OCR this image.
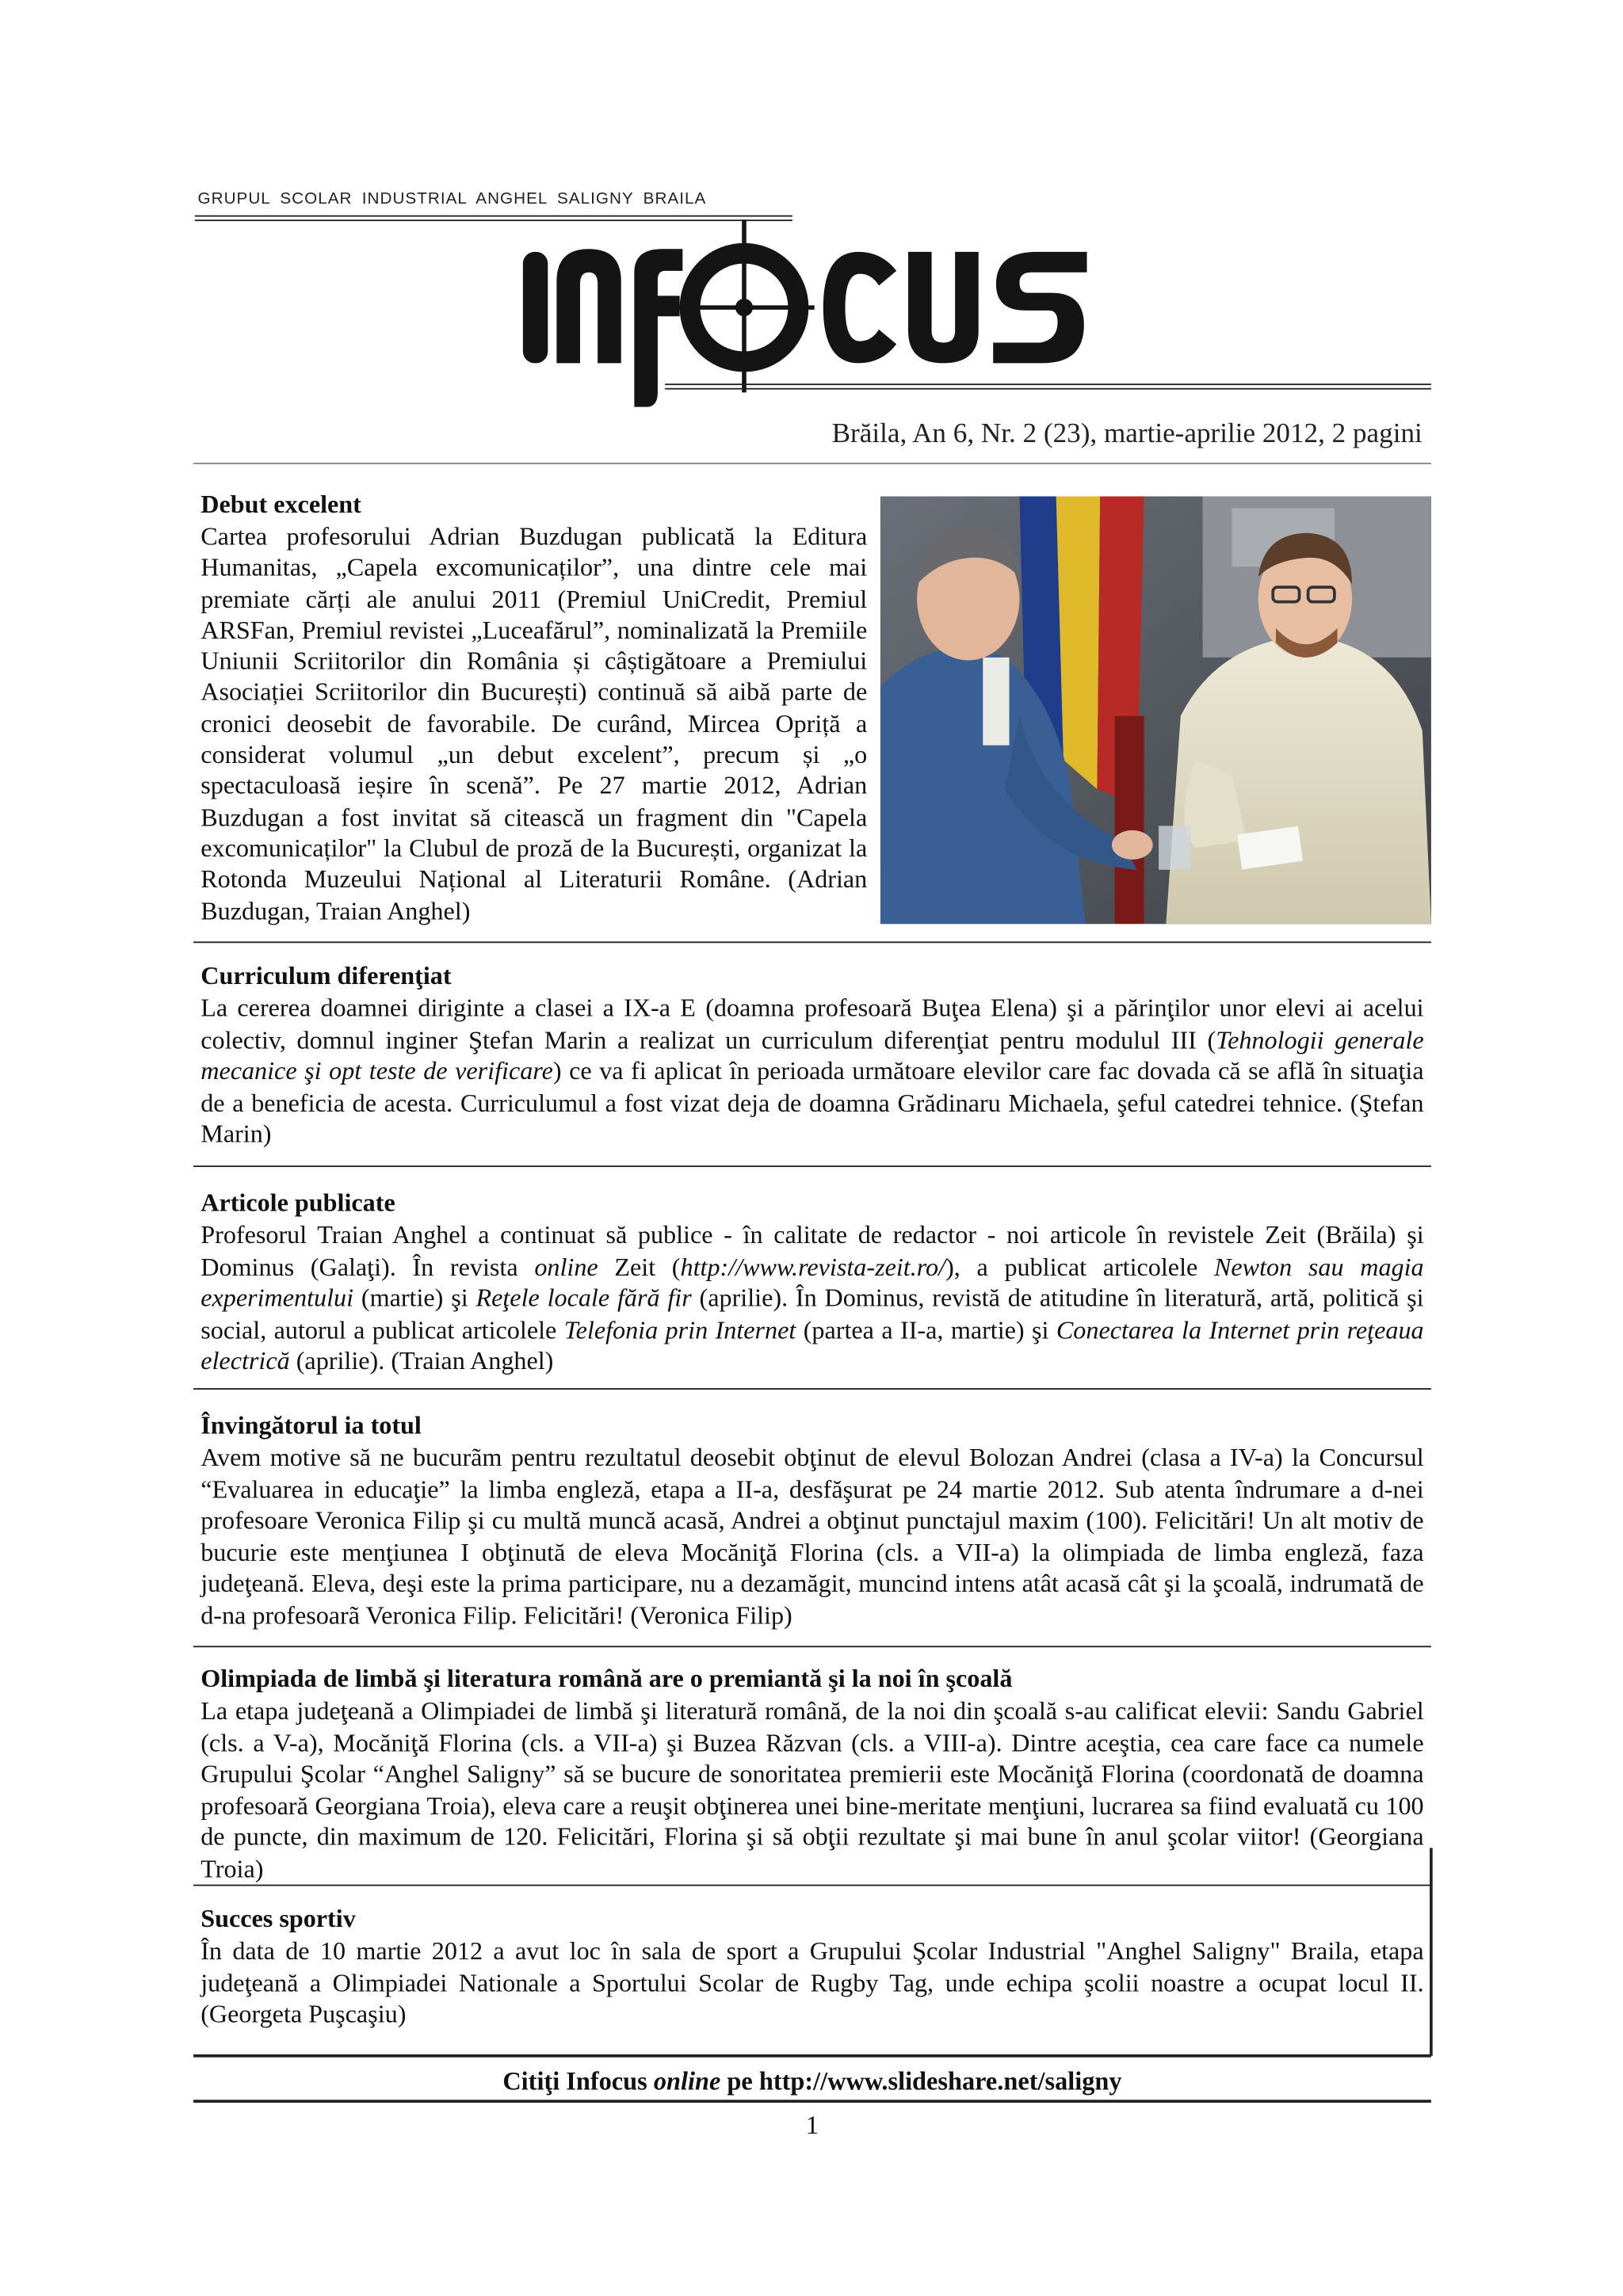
GRUPUL SCOLAR INDUSTRIAL ANGHEL SALIGNY BRAILA
Brăila, An 6, Nr. 2 (23), martie-aprilie 2012, 2 pagini
Debut excelent

Cartea profesorului Adrian Buzdugan publicată la Editura Humanitas, „Capela excomunicaților”, una dintre cele mai premiate cărți ale anului 2011 (Premiul UniCredit, Premiul ARSFan, Premiul revistei „Luceafărul”, nominalizată la Premiile Uniunii Scriitorilor din România și câștigătoare a Premiului Asociației Scriitorilor din București) continuă să aibă parte de cronici deosebit de favorabile. De curând, Mircea Opriță a considerat volumul „un debut excelent”, precum și „o spectaculoasă ieșire în scenă”. Pe 27 martie 2012, Adrian Buzdugan a fost invitat să citească un fragment din "Capela excomunicaților" la Clubul de proză de la București, organizat la Rotonda Muzeului Național al Literaturii Române. (Adrian Buzdugan, Traian Anghel)

Curriculum diferenţiat

La cererea doamnei diriginte a clasei a IX-a E (doamna profesoară Buţea Elena) şi a părinţilor unor elevi ai acelui colectiv, domnul inginer Ştefan Marin a realizat un curriculum diferenţiat pentru modulul III (Tehnologii generale mecanice şi opt teste de verificare) ce va fi aplicat în perioada următoare elevilor care fac dovada că se află în situaţia de a beneficia de acesta. Curriculumul a fost vizat deja de doamna Grădinaru Michaela, şeful catedrei tehnice. (Ştefan Marin)

Articole publicate

Profesorul Traian Anghel a continuat să publice - în calitate de redactor - noi articole în revistele Zeit (Brăila) şi Dominus (Galaţi). În revista online Zeit (http://www.revista-zeit.ro/), a publicat articolele Newton sau magia experimentului (martie) şi Reţele locale fără fir (aprilie). În Dominus, revistă de atitudine în literatură, artă, politică şi social, autorul a publicat articolele Telefonia prin Internet (partea a II-a, martie) şi Conectarea la Internet prin reţeaua electrică (aprilie). (Traian Anghel)

Învingătorul ia totul

Avem motive să ne bucurãm pentru rezultatul deosebit obţinut de elevul Bolozan Andrei (clasa a IV-a) la Concursul “Evaluarea in educaţie” la limba engleză, etapa a II-a, desfăşurat pe 24 martie 2012. Sub atenta îndrumare a d-nei profesoare Veronica Filip şi cu multă muncă acasă, Andrei a obţinut punctajul maxim (100). Felicitări! Un alt motiv de bucurie este menţiunea I obţinută de eleva Mocăniţă Florina (cls. a VII-a) la olimpiada de limba engleză, faza judeţeană. Eleva, deşi este la prima participare, nu a dezamăgit, muncind intens atât acasă cât şi la şcoală, indrumată de d-na profesoarã Veronica Filip. Felicitări! (Veronica Filip)

Olimpiada de limbă şi literatura română are o premiantă şi la noi în şcoală

La etapa judeţeană a Olimpiadei de limbă şi literatură română, de la noi din şcoală s-au calificat elevii: Sandu Gabriel (cls. a V-a), Mocăniţă Florina (cls. a VII-a) şi Buzea Răzvan (cls. a VIII-a). Dintre aceştia, cea care face ca numele Grupului Şcolar “Anghel Saligny” să se bucure de sonoritatea premierii este Mocăniţă Florina (coordonată de doamna profesoară Georgiana Troia), eleva care a reuşit obţinerea unei bine-meritate menţiuni, lucrarea sa fiind evaluată cu 100 de puncte, din maximum de 120. Felicitări, Florina şi să obţii rezultate şi mai bune în anul şcolar viitor! (Georgiana Troia)

Succes sportiv

În data de 10 martie 2012 a avut loc în sala de sport a Grupului Şcolar Industrial "Anghel Saligny" Braila, etapa judeţeană a Olimpiadei Nationale a Sportului Scolar de Rugby Tag, unde echipa şcolii noastre a ocupat locul II. (Georgeta Puşcaşiu)

Citiţi Infocus online pe http://www.slideshare.net/saligny
1
